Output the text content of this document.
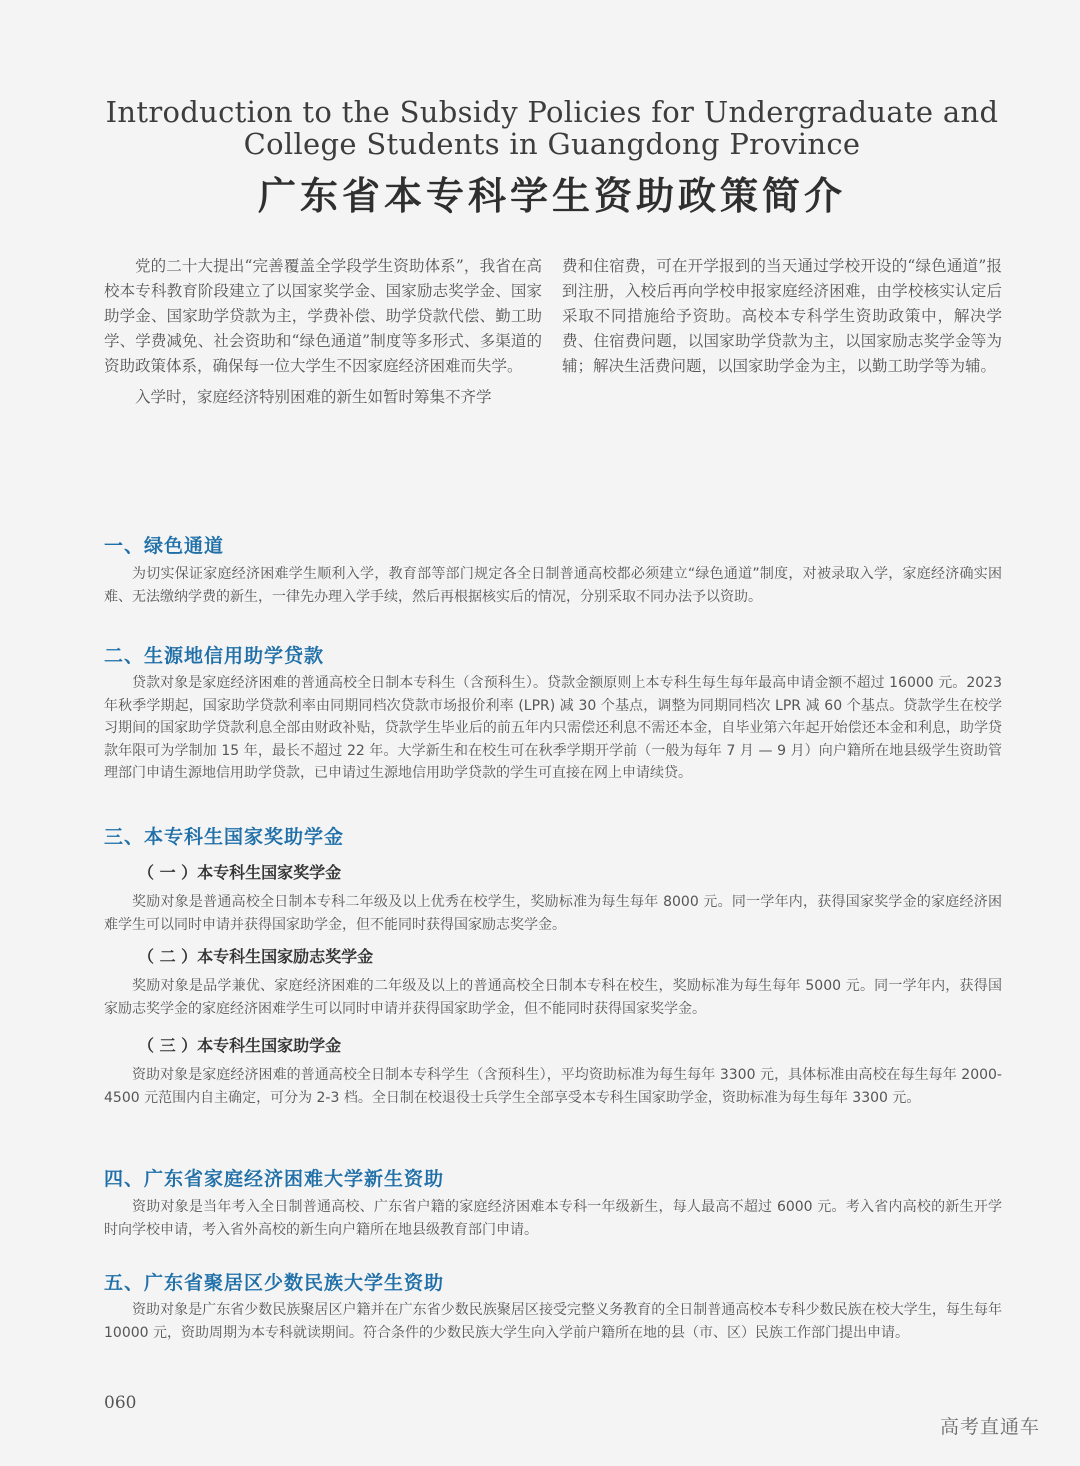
Introduction to the Subsidy Policies for Undergraduate and College Students in Guangdong Province
广东省本专科学生资助政策简介

党的二十大提出“完善覆盖全学段学生资助体系”，我省在高校本专科教育阶段建立了以国家奖学金、国家励志奖学金、国家助学金、国家助学贷款为主，学费补偿、助学贷款代偿、勤工助学、学费减免、社会资助和“绿色通道”制度等多形式、多渠道的资助政策体系，确保每一位大学生不因家庭经济困难而失学。

入学时，家庭经济特别困难的新生如暂时筹集不齐学

费和住宿费，可在开学报到的当天通过学校开设的“绿色通道”报到注册，入校后再向学校申报家庭经济困难，由学校核实认定后采取不同措施给予资助。高校本专科学生资助政策中，解决学费、住宿费问题，以国家助学贷款为主，以国家励志奖学金等为辅；解决生活费问题，以国家助学金为主，以勤工助学等为辅。

一、绿色通道

为切实保证家庭经济困难学生顺利入学，教育部等部门规定各全日制普通高校都必须建立“绿色通道”制度，对被录取入学，家庭经济确实困难、无法缴纳学费的新生，一律先办理入学手续，然后再根据核实后的情况，分别采取不同办法予以资助。

二、生源地信用助学贷款

贷款对象是家庭经济困难的普通高校全日制本专科生（含预科生）。贷款金额原则上本专科生每生每年最高申请金额不超过 16000 元。2023 年秋季学期起，国家助学贷款利率由同期同档次贷款市场报价利率 (LPR) 减 30 个基点，调整为同期同档次 LPR 减 60 个基点。贷款学生在校学习期间的国家助学贷款利息全部由财政补贴，贷款学生毕业后的前五年内只需偿还利息不需还本金，自毕业第六年起开始偿还本金和利息，助学贷款年限可为学制加 15 年，最长不超过 22 年。大学新生和在校生可在秋季学期开学前（一般为每年 7 月 — 9 月）向户籍所在地县级学生资助管理部门申请生源地信用助学贷款，已申请过生源地信用助学贷款的学生可直接在网上申请续贷。

三、本专科生国家奖助学金
（ 一 ）本专科生国家奖学金

奖励对象是普通高校全日制本专科二年级及以上优秀在校学生，奖励标准为每生每年 8000 元。同一学年内，获得国家奖学金的家庭经济困难学生可以同时申请并获得国家助学金，但不能同时获得国家励志奖学金。

（ 二 ）本专科生国家励志奖学金

奖励对象是品学兼优、家庭经济困难的二年级及以上的普通高校全日制本专科在校生，奖励标准为每生每年 5000 元。同一学年内，获得国家励志奖学金的家庭经济困难学生可以同时申请并获得国家助学金，但不能同时获得国家奖学金。

（ 三 ）本专科生国家助学金

资助对象是家庭经济困难的普通高校全日制本专科学生（含预科生），平均资助标准为每生每年 3300 元，具体标准由高校在每生每年 2000-4500 元范围内自主确定，可分为 2-3 档。全日制在校退役士兵学生全部享受本专科生国家助学金，资助标准为每生每年 3300 元。

四、广东省家庭经济困难大学新生资助

资助对象是当年考入全日制普通高校、广东省户籍的家庭经济困难本专科一年级新生，每人最高不超过 6000 元。考入省内高校的新生开学时向学校申请，考入省外高校的新生向户籍所在地县级教育部门申请。

五、广东省聚居区少数民族大学生资助

资助对象是广东省少数民族聚居区户籍并在广东省少数民族聚居区接受完整义务教育的全日制普通高校本专科少数民族在校大学生，每生每年 10000 元，资助周期为本专科就读期间。符合条件的少数民族大学生向入学前户籍所在地的县（市、区）民族工作部门提出申请。

060
高考直通车
